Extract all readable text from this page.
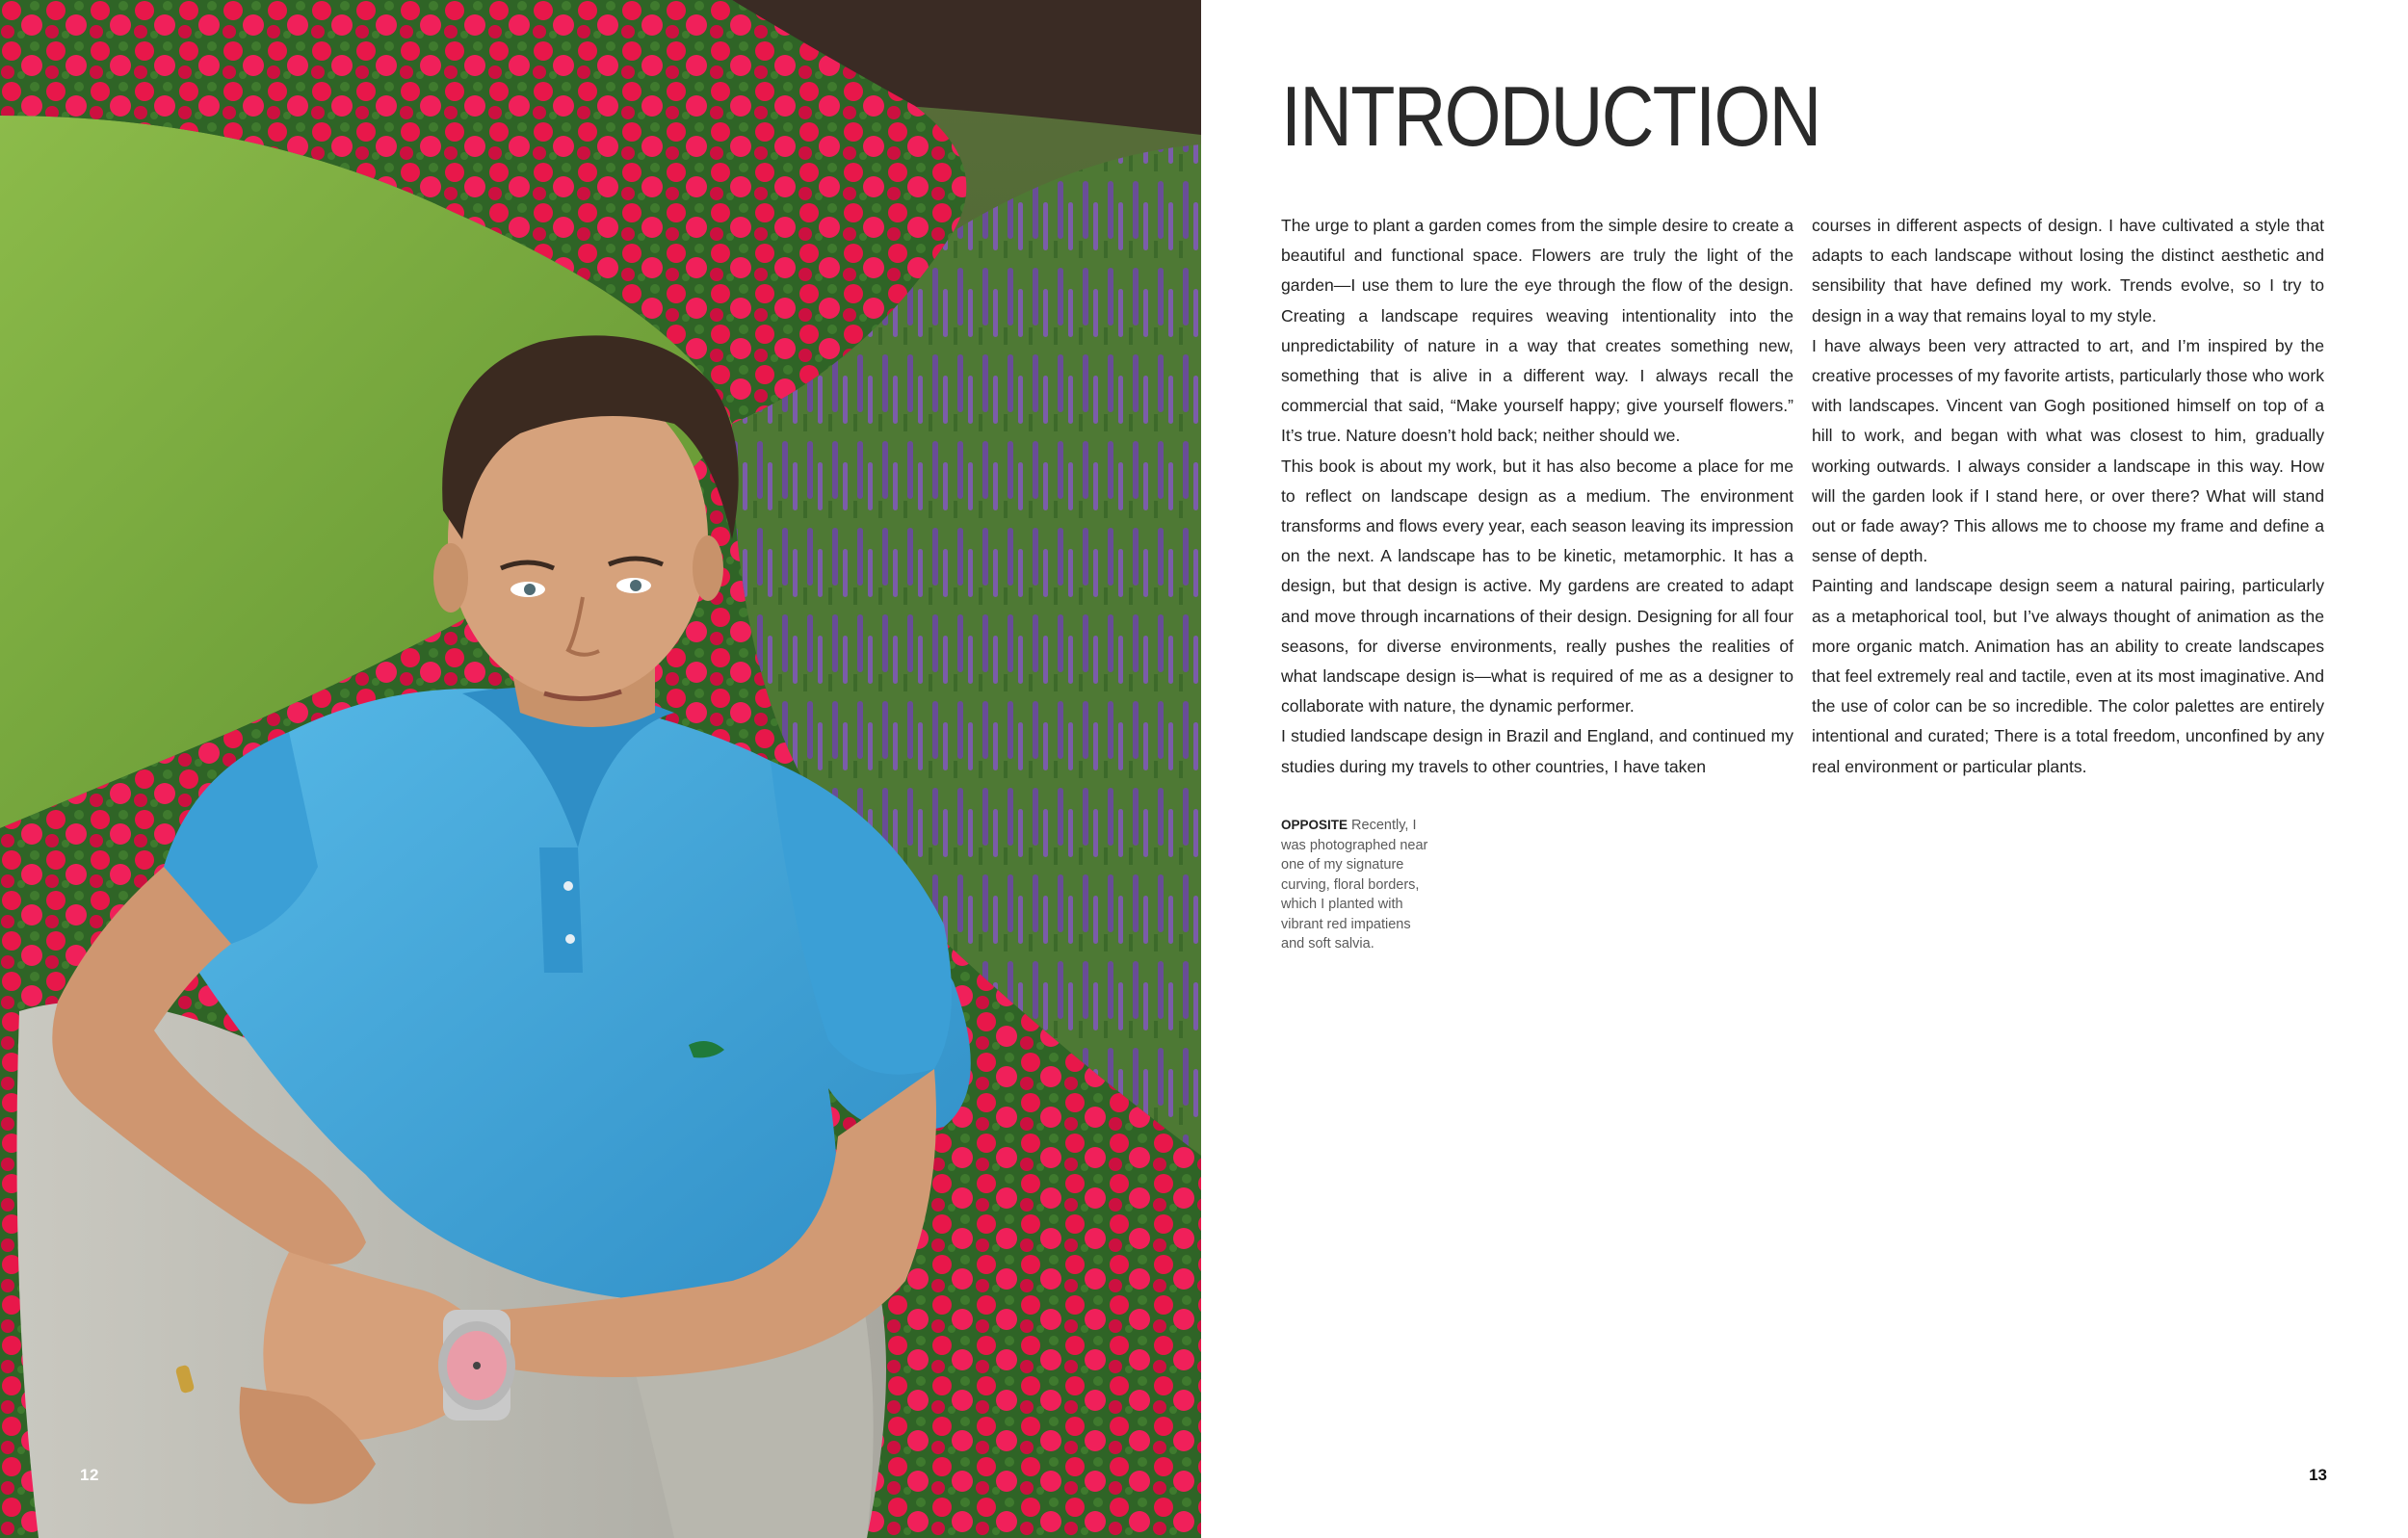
12
INTRODUCTION

The urge to plant a garden comes from the simple desire to create a beautiful and functional space. Flowers are truly the light of the garden—I use them to lure the eye through the flow of the design. Creating a landscape requires weaving intentionality into the unpredictability of nature in a way that creates something new, something that is alive in a different way. I always recall the commercial that said, “Make yourself happy; give yourself flowers.” It’s true. Nature doesn’t hold back; neither should we.

This book is about my work, but it has also become a place for me to reflect on landscape design as a medium. The environment transforms and flows every year, each season leaving its impression on the next. A landscape has to be kinetic, metamorphic. It has a design, but that design is active. My gardens are created to adapt and move through incarnations of their design. Designing for all four seasons, for diverse environments, really pushes the realities of what landscape design is—what is required of me as a designer to collaborate with nature, the dynamic performer.

I studied landscape design in Brazil and England, and continued my studies during my travels to other countries, I have taken

courses in different aspects of design. I have cultivated a style that adapts to each landscape without losing the distinct aesthetic and sensibility that have defined my work. Trends evolve, so I try to design in a way that remains loyal to my style.

I have always been very attracted to art, and I’m inspired by the creative processes of my favorite artists, particularly those who work with landscapes. Vincent van Gogh positioned himself on top of a hill to work, and began with what was closest to him, gradually working outwards. I always consider a landscape in this way. How will the garden look if I stand here, or over there? What will stand out or fade away? This allows me to choose my frame and define a sense of depth.

Painting and landscape design seem a natural pairing, particularly as a metaphorical tool, but I’ve always thought of animation as the more organic match. Animation has an ability to create landscapes that feel extremely real and tactile, even at its most imaginative. And the use of color can be so incredible. The color palettes are entirely intentional and curated; There is a total freedom, unconfined by any real environment or particular plants.

OPPOSITE Recently, I was photographed near one of my signature curving, floral borders, which I planted with vibrant red impatiens and soft salvia.
13
